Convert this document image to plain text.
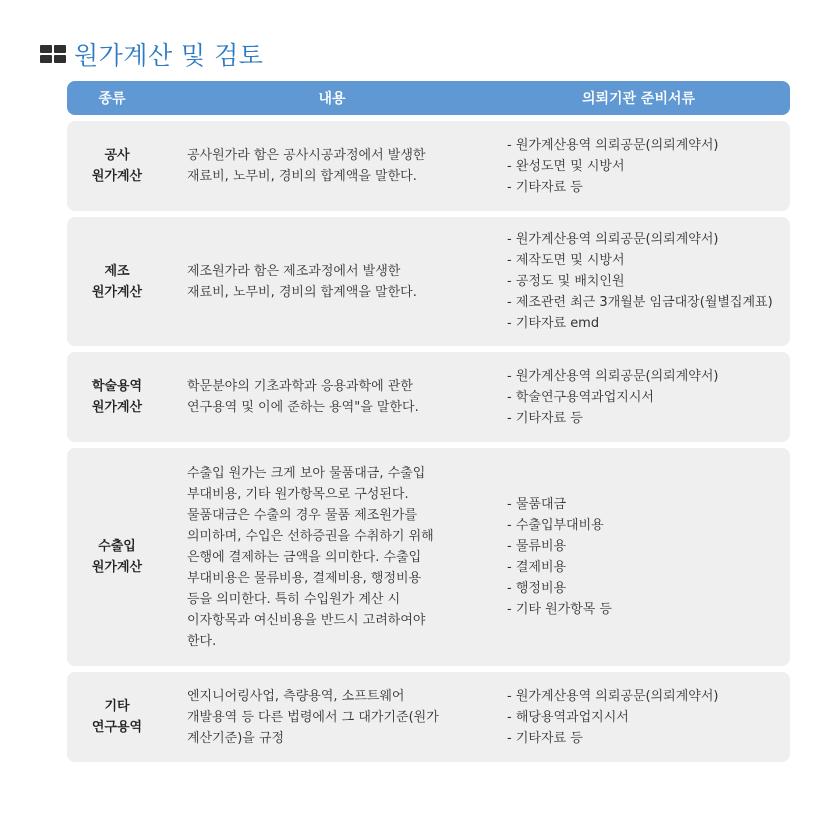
원가계산 및 검토
종류	내용	의뢰기관 준비서류
공사
원가계산
공사원가라 함은 공사시공과정에서 발생한
재료비, 노무비, 경비의 합계액을 말한다.
- 원가계산용역 의뢰공문(의뢰계약서)
- 완성도면 및 시방서
- 기타자료 등
제조
원가계산
제조원가라 함은 제조과정에서 발생한
재료비, 노무비, 경비의 합계액을 말한다.
- 원가계산용역 의뢰공문(의뢰계약서)
- 제작도면 및 시방서
- 공정도 및 배치인원
- 제조관련 최근 3개월분 임금대장(월별집계표)
- 기타자료 emd
학술용역
원가계산
학문분야의 기초과학과 응용과학에 관한
연구용역 및 이에 준하는 용역"을 말한다.
- 원가계산용역 의뢰공문(의뢰계약서)
- 학술연구용역과업지시서
- 기타자료 등
수출입
원가계산
수출입 원가는 크게 보아 물품대금, 수출입
부대비용, 기타 원가항목으로 구성된다.
물품대금은 수출의 경우 물품 제조원가를
의미하며, 수입은 선하증권을 수취하기 위해
은행에 결제하는 금액을 의미한다. 수출입
부대비용은 물류비용, 결제비용, 행정비용
등을 의미한다. 특히 수입원가 계산 시
이자항목과 여신비용을 반드시 고려하여야
한다.
- 물품대금
- 수출입부대비용
- 물류비용
- 결제비용
- 행정비용
- 기타 원가항목 등
기타
연구용역
엔지니어링사업, 측량용역, 소프트웨어
개발용역 등 다른 법령에서 그 대가기준(원가
계산기준)을 규정
- 원가계산용역 의뢰공문(의뢰계약서)
- 해당용역과업지시서
- 기타자료 등
